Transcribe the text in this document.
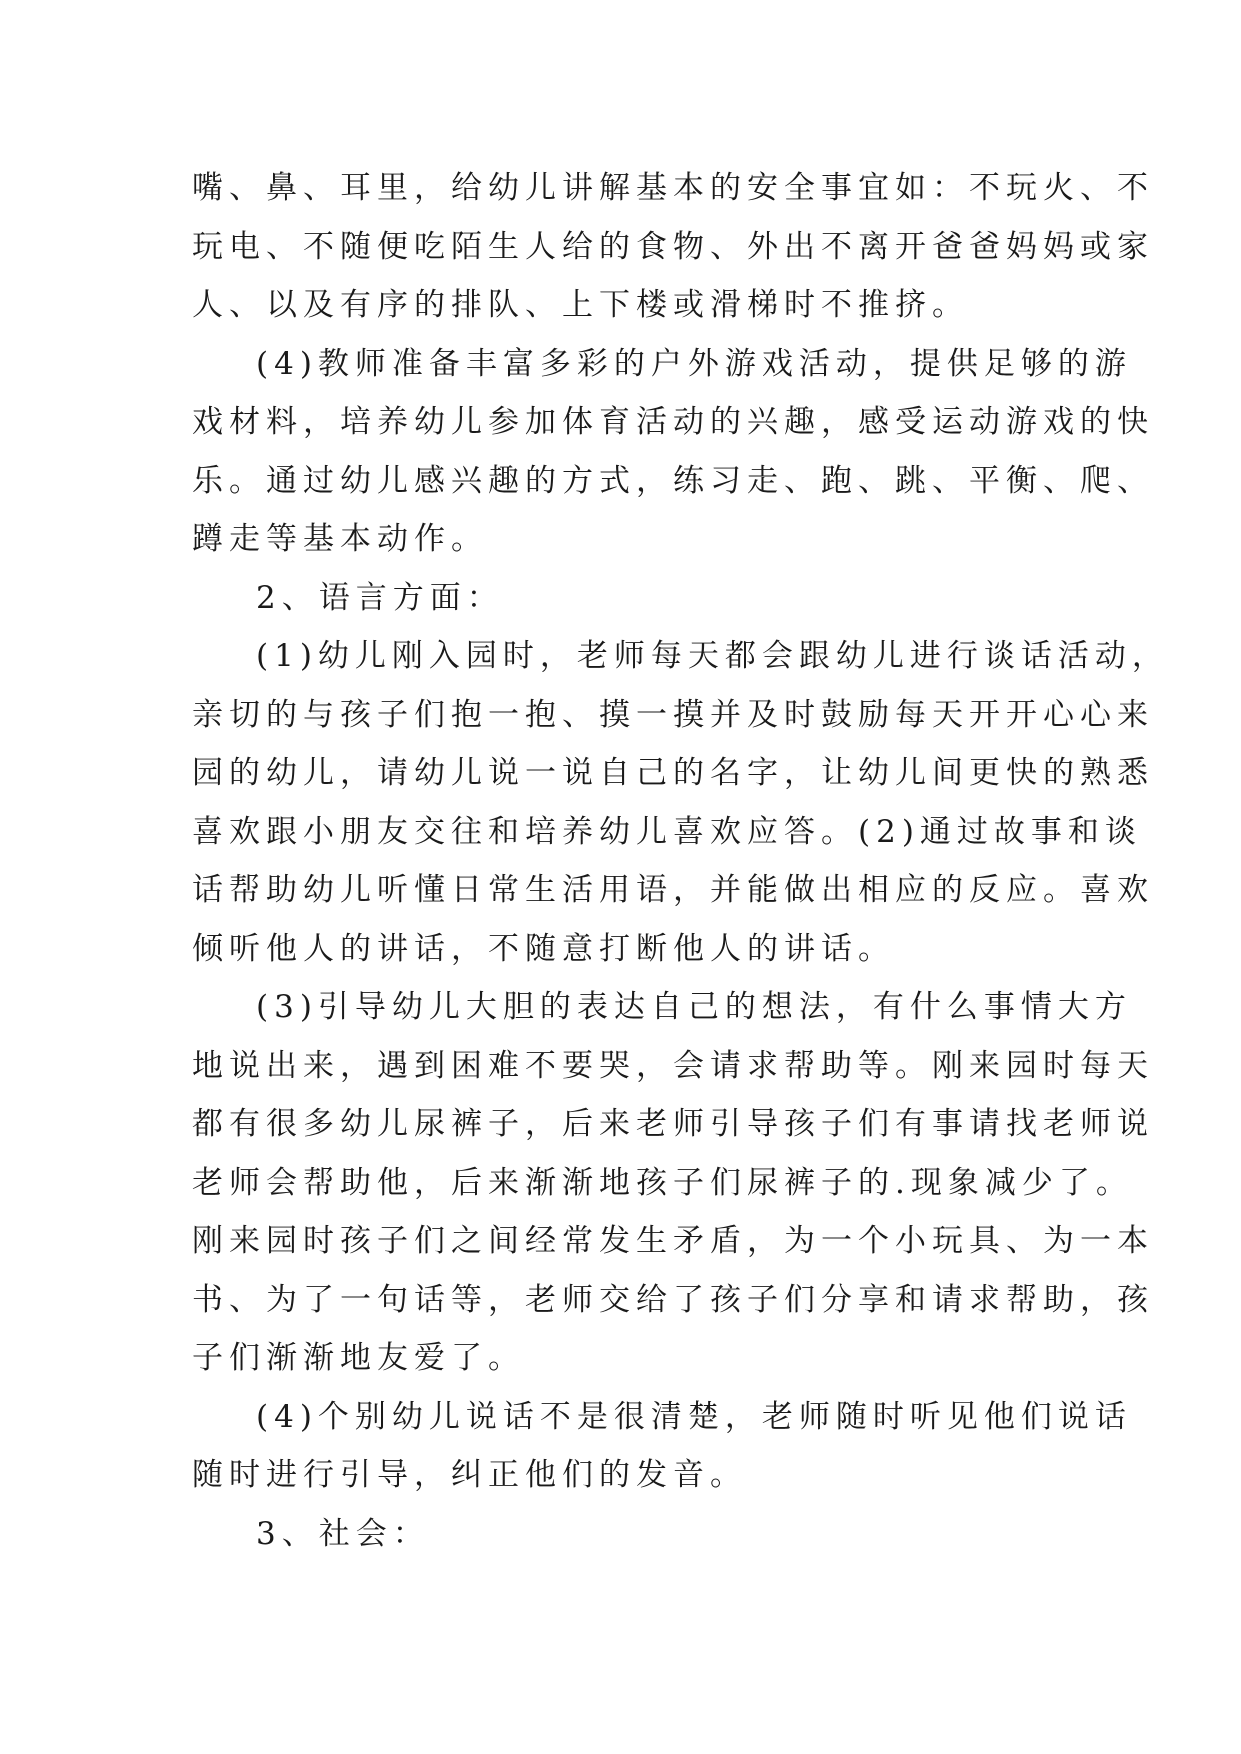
嘴、鼻、耳里，给幼儿讲解基本的安全事宜如：不玩火、不
玩电、不随便吃陌生人给的食物、外出不离开爸爸妈妈或家
人、以及有序的排队、上下楼或滑梯时不推挤。
(4)教师准备丰富多彩的户外游戏活动，提供足够的游
戏材料，培养幼儿参加体育活动的兴趣，感受运动游戏的快
乐。通过幼儿感兴趣的方式，练习走、跑、跳、平衡、爬、
蹲走等基本动作。
2、语言方面：
(1)幼儿刚入园时，老师每天都会跟幼儿进行谈话活动，
亲切的与孩子们抱一抱、摸一摸并及时鼓励每天开开心心来
园的幼儿，请幼儿说一说自己的名字，让幼儿间更快的熟悉
喜欢跟小朋友交往和培养幼儿喜欢应答。(2)通过故事和谈
话帮助幼儿听懂日常生活用语，并能做出相应的反应。喜欢
倾听他人的讲话，不随意打断他人的讲话。
(3)引导幼儿大胆的表达自己的想法，有什么事情大方
地说出来，遇到困难不要哭，会请求帮助等。刚来园时每天
都有很多幼儿尿裤子，后来老师引导孩子们有事请找老师说
老师会帮助他，后来渐渐地孩子们尿裤子的.现象减少了。
刚来园时孩子们之间经常发生矛盾，为一个小玩具、为一本
书、为了一句话等，老师交给了孩子们分享和请求帮助，孩
子们渐渐地友爱了。
(4)个别幼儿说话不是很清楚，老师随时听见他们说话
随时进行引导，纠正他们的发音。
3、社会：
